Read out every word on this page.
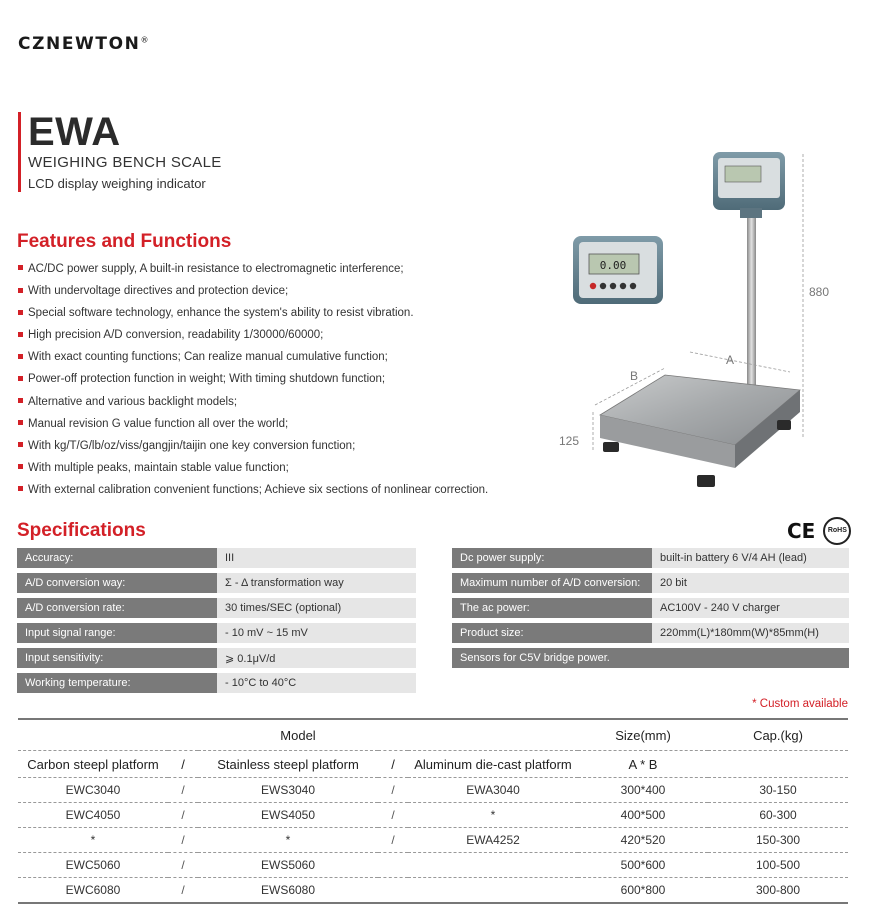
CZNEWTON®
EWA
WEIGHING BENCH SCALE
LCD display weighing indicator
Features and Functions
AC/DC power supply, A built-in resistance to electromagnetic interference;
With undervoltage directives and protection device;
Special software technology, enhance the system's ability to resist vibration.
High precision A/D conversion, readability 1/30000/60000;
With exact counting functions; Can realize manual cumulative function;
Power-off protection function in weight; With timing shutdown function;
Alternative and various backlight models;
Manual revision G value function all over the world;
With kg/T/G/lb/oz/viss/gangjin/taijin one key conversion function;
With multiple peaks, maintain stable value function;
With external calibration convenient functions; Achieve six sections of nonlinear correction.
0.00
880
A
B
125
Specifications	CE	RoHS
Accuracy:	III
A/D conversion way:	Σ - Δ transformation way
A/D conversion rate:	30 times/SEC (optional)
Input signal range:	- 10 mV ~ 15 mV
Input sensitivity:	⩾ 0.1μV/d
Working temperature:	- 10°C to 40°C
Dc power supply:	built-in battery 6 V/4 AH (lead)
Maximum number of A/D conversion:	20 bit
The ac power:	AC100V - 240 V charger
Product size:	220mm(L)*180mm(W)*85mm(H)
Sensors for C5V bridge power.	
* Custom available
Model					Size(mm)	Cap.(kg)
Carbon steepl platform	/	Stainless steepl platform	/	Aluminum die-cast platform	A * B	
EWC3040	/	EWS3040	/	EWA3040	300*400	30-150
EWC4050	/	EWS4050	/	*	400*500	60-300
*	/	*	/	EWA4252	420*520	150-300
EWC5060	/	EWS5060			500*600	100-500
EWC6080	/	EWS6080			600*800	300-800
